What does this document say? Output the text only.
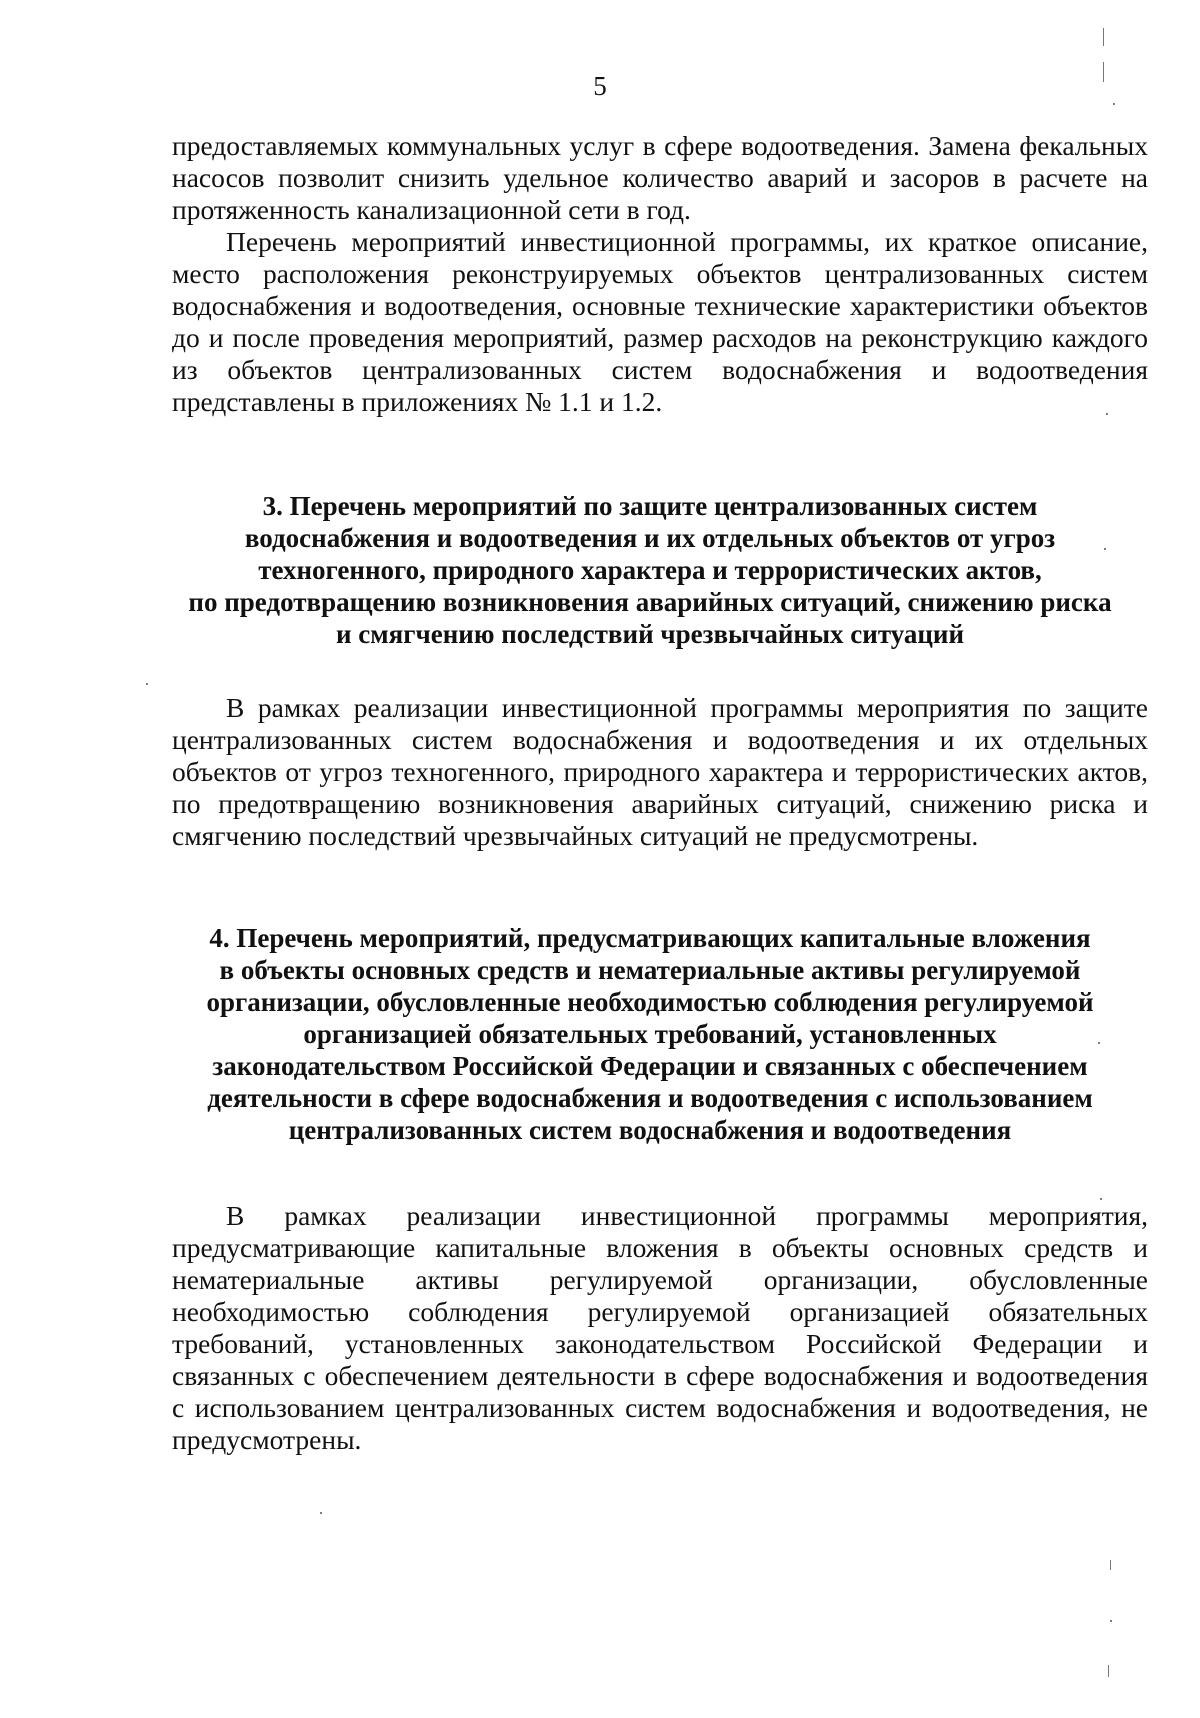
5

предоставляемых коммунальных услуг в сфере водоотведения. Замена фекальных насосов позволит снизить удельное количество аварий и засоров в расчете на протяженность канализационной сети в год.

Перечень мероприятий инвестиционной программы, их краткое описание, место расположения реконструируемых объектов централизованных систем водоснабжения и водоотведения, основные технические характеристики объектов до и после проведения мероприятий, размер расходов на реконструкцию каждого из объектов централизованных систем водоснабжения и водоотведения представлены в приложениях № 1.1 и 1.2.

3. Перечень мероприятий по защите централизованных систем
водоснабжения и водоотведения и их отдельных объектов от угроз
техногенного, природного характера и террористических актов,
по предотвращению возникновения аварийных ситуаций, снижению риска
и смягчению последствий чрезвычайных ситуаций

В рамках реализации инвестиционной программы мероприятия по защите централизованных систем водоснабжения и водоотведения и их отдельных объектов от угроз техногенного, природного характера и террористических актов, по предотвращению возникновения аварийных ситуаций, снижению риска и смягчению последствий чрезвычайных ситуаций не предусмотрены.

4. Перечень мероприятий, предусматривающих капитальные вложения
в объекты основных средств и нематериальные активы регулируемой
организации, обусловленные необходимостью соблюдения регулируемой
организацией обязательных требований, установленных
законодательством Российской Федерации и связанных с обеспечением
деятельности в сфере водоснабжения и водоотведения с использованием
централизованных систем водоснабжения и водоотведения

В рамках реализации инвестиционной программы мероприятия, предусматривающие капитальные вложения в объекты основных средств и нематериальные активы регулируемой организации, обусловленные необходимостью соблюдения регулируемой организацией обязательных требований, установленных законодательством Российской Федерации и связанных с обеспечением деятельности в сфере водоснабжения и водоотведения с использованием централизованных систем водоснабжения и водоотведения, не предусмотрены.
